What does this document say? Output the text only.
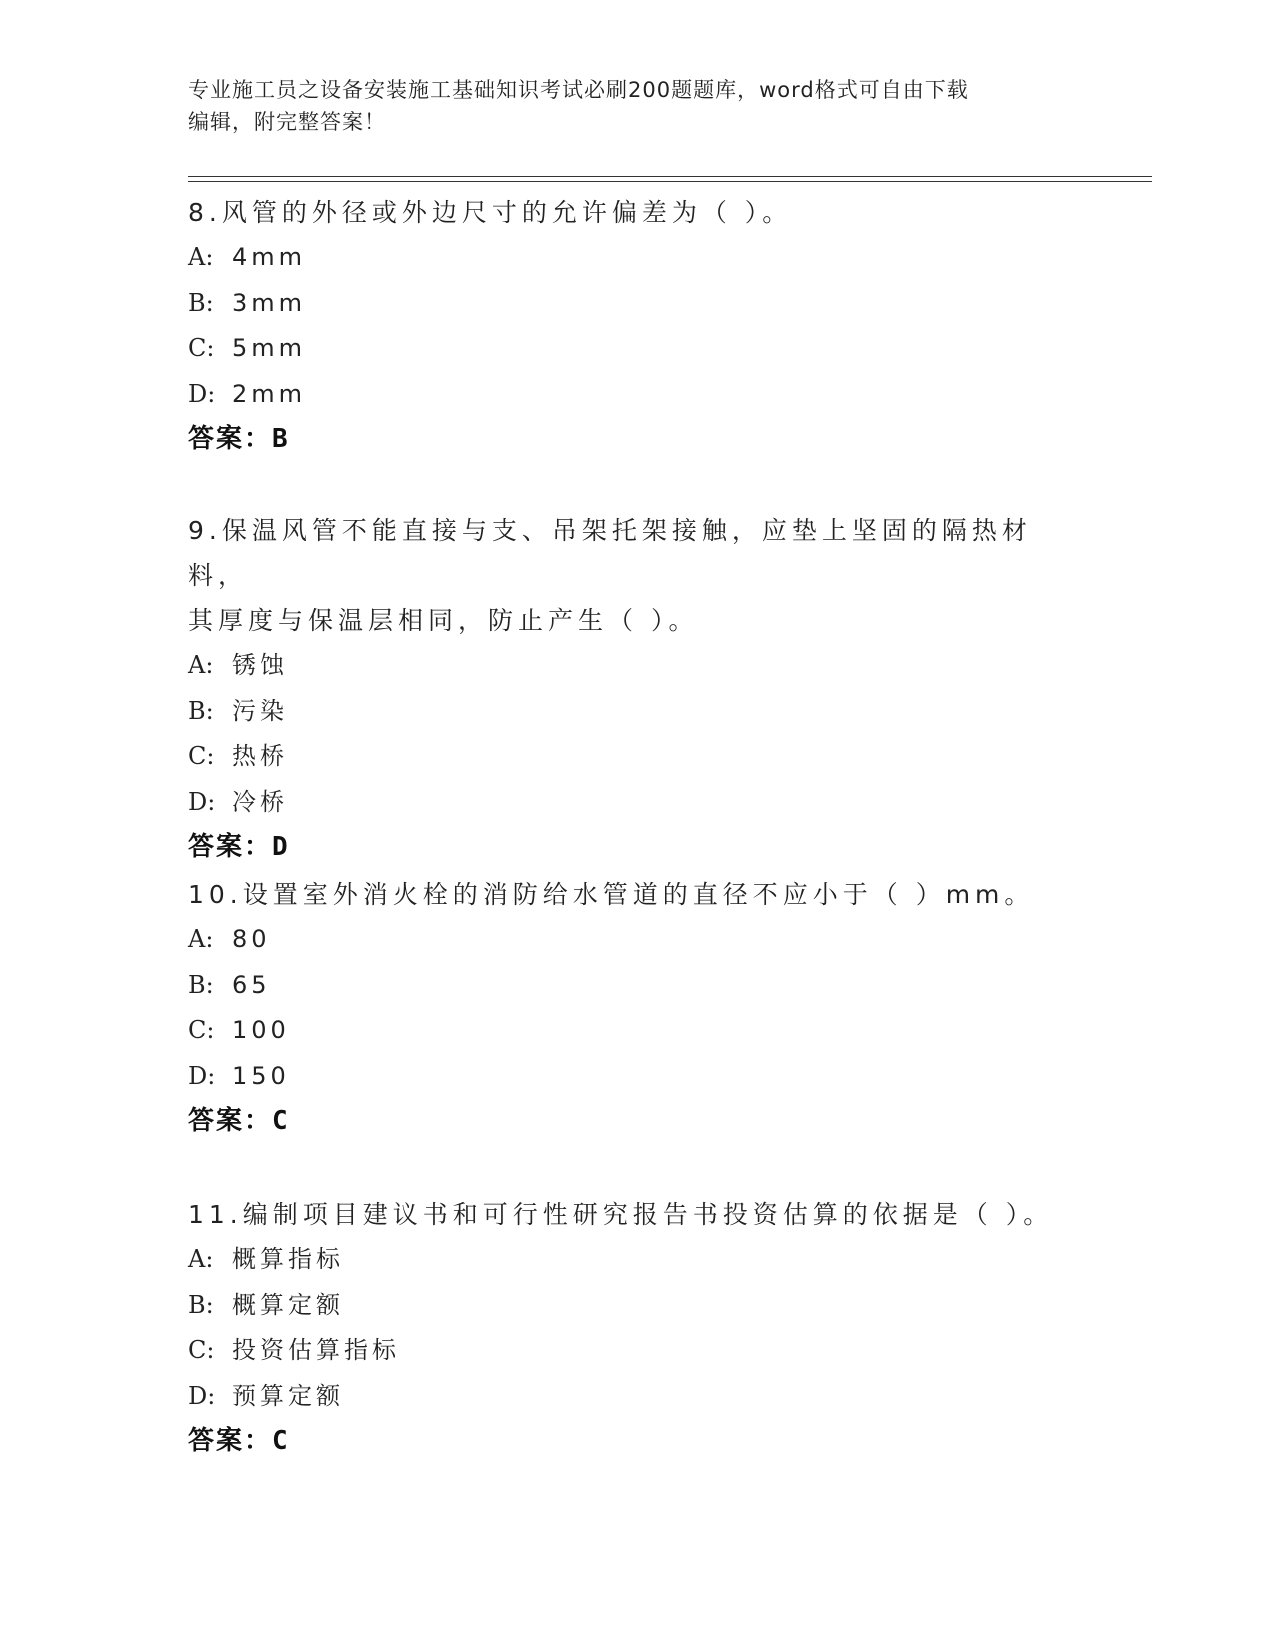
专业施工员之设备安装施工基础知识考试必刷200题题库，word格式可自由下载
编辑，附完整答案！

8.风管的外径或外边尺寸的允许偏差为（ ）。

A: 4mm
B: 3mm
C: 5mm
D: 2mm
答案：B

9.保温风管不能直接与支、吊架托架接触，应垫上坚固的隔热材料，

其厚度与保温层相同，防止产生（ ）。

A: 锈蚀
B: 污染
C: 热桥
D: 冷桥
答案：D

10.设置室外消火栓的消防给水管道的直径不应小于（ ）mm。

A: 80
B: 65
C: 100
D: 150
答案：C

11.编制项目建议书和可行性研究报告书投资估算的依据是（ ）。

A: 概算指标
B: 概算定额
C: 投资估算指标
D: 预算定额
答案：C
